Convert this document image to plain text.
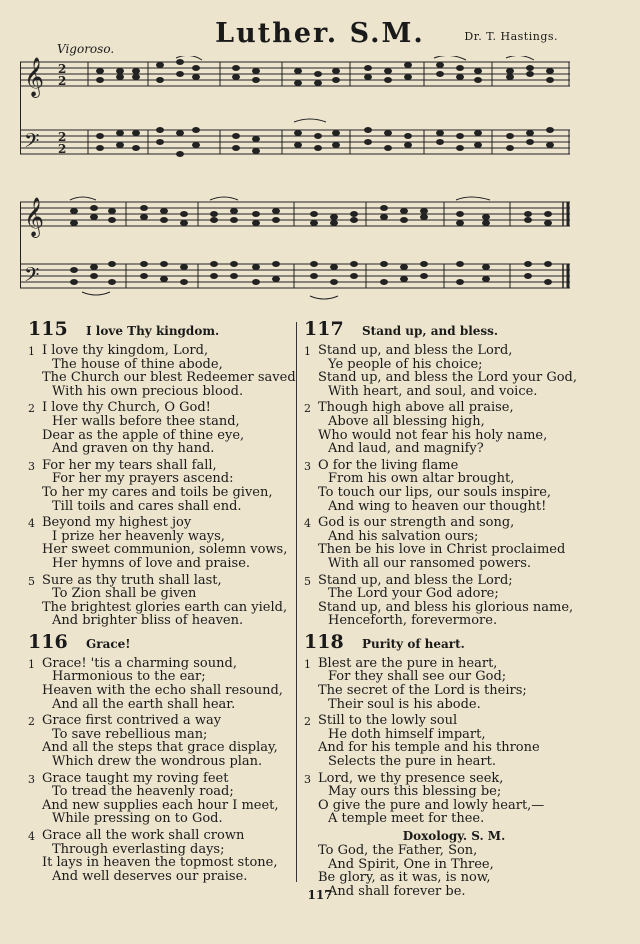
Luther. S.M.	Dr. T. Hastings.
Vigoroso.
𝄞
𝄢
2
2
2
2
𝄞
𝄢
115 I love Thy kingdom.
1 I love thy kingdom, Lord,
The house of thine abode,
The Church our blest Redeemer saved
With his own precious blood.
2 I love thy Church, O God!
Her walls before thee stand,
Dear as the apple of thine eye,
And graven on thy hand.
3 For her my tears shall fall,
For her my prayers ascend:
To her my cares and toils be given,
Till toils and cares shall end.
4 Beyond my highest joy
I prize her heavenly ways,
Her sweet communion, solemn vows,
Her hymns of love and praise.
5 Sure as thy truth shall last,
To Zion shall be given
The brightest glories earth can yield,
And brighter bliss of heaven.
116 Grace!
1 Grace! 'tis a charming sound,
Harmonious to the ear;
Heaven with the echo shall resound,
And all the earth shall hear.
2 Grace first contrived a way
To save rebellious man;
And all the steps that grace display,
Which drew the wondrous plan.
3 Grace taught my roving feet
To tread the heavenly road;
And new supplies each hour I meet,
While pressing on to God.
4 Grace all the work shall crown
Through everlasting days;
It lays in heaven the topmost stone,
And well deserves our praise.
117 Stand up, and bless.
1 Stand up, and bless the Lord,
Ye people of his choice;
Stand up, and bless the Lord your God,
With heart, and soul, and voice.
2 Though high above all praise,
Above all blessing high,
Who would not fear his holy name,
And laud, and magnify?
3 O for the living flame
From his own altar brought,
To touch our lips, our souls inspire,
And wing to heaven our thought!
4 God is our strength and song,
And his salvation ours;
Then be his love in Christ proclaimed
With all our ransomed powers.
5 Stand up, and bless the Lord;
The Lord your God adore;
Stand up, and bless his glorious name,
Henceforth, forevermore.
118 Purity of heart.
1 Blest are the pure in heart,
For they shall see our God;
The secret of the Lord is theirs;
Their soul is his abode.
2 Still to the lowly soul
He doth himself impart,
And for his temple and his throne
Selects the pure in heart.
3 Lord, we thy presence seek,
May ours this blessing be;
O give the pure and lowly heart,—
A temple meet for thee.
Doxology. S. M.
To God, the Father, Son,
And Spirit, One in Three,
Be glory, as it was, is now,
And shall forever be.
117
